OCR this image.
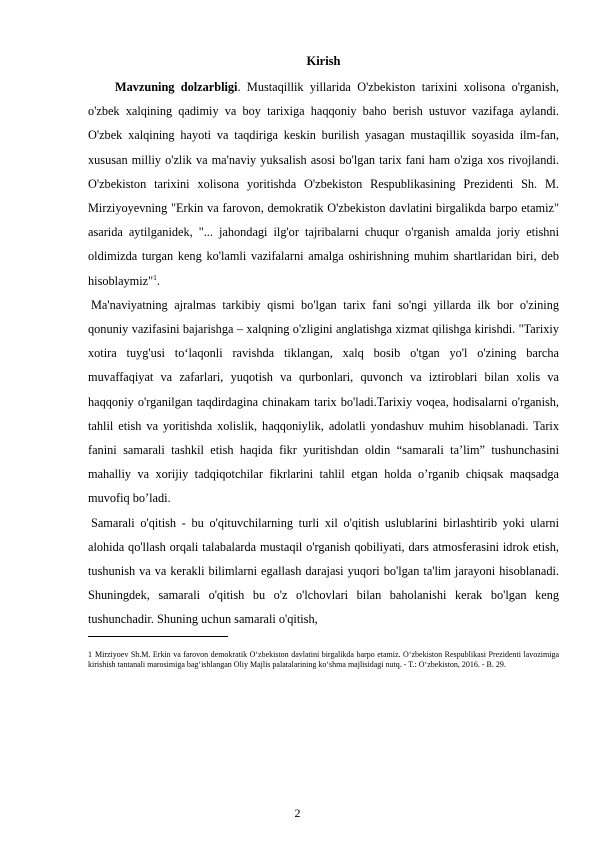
Kirish

Mavzuning dolzarbligi. Mustaqillik yillarida O'zbekiston tarixini xolisona o'rganish, o'zbek xalqining qadimiy va boy tarixiga haqqoniy baho berish ustuvor vazifaga aylandi. O'zbek xalqining hayoti va taqdiriga keskin burilish yasagan mustaqillik soyasida ilm-fan, xususan milliy o'zlik va ma'naviy yuksalish asosi bo'lgan tarix fani ham o'ziga xos rivojlandi. O'zbekiston tarixini xolisona yoritishda O'zbekiston Respublikasining Prezidenti Sh. M. Mirziyoyevning "Erkin va farovon, demokratik O'zbekiston davlatini birgalikda barpo etamiz" asarida aytilganidek, "... jahondagi ilg'or tajribalarni chuqur o'rganish amalda joriy etishni oldimizda turgan keng ko'lamli vazifalarni amalga oshirishning muhim shartlaridan biri, deb hisoblaymiz"$^1$.

Ma'naviyatning ajralmas tarkibiy qismi bo'lgan tarix fani so'ngi yillarda ilk bor o'zining qonuniy vazifasini bajarishga – xalqning o'zligini anglatishga xizmat qilishga kirishdi. "Tarixiy xotira tuyg'usi to‘laqonli ravishda tiklangan, xalq bosib o'tgan yo'l o'zining barcha muvaffaqiyat va zafarlari, yuqotish va qurbonlari, quvonch va iztiroblari bilan xolis va haqqoniy o'rganilgan taqdirdagina chinakam tarix bo'ladi.Tarixiy voqea, hodisalarni o'rganish, tahlil etish va yoritishda xolislik, haqqoniylik, adolatli yondashuv muhim hisoblanadi. Tarix fanini samarali tashkil etish haqida fikr yuritishdan oldin “samarali ta’lim” tushunchasini mahalliy va xorijiy tadqiqotchilar fikrlarini tahlil etgan holda o’rganib chiqsak maqsadga muvofiq bo’ladi.

Samarali o'qitish - bu o'qituvchilarning turli xil o'qitish uslublarini birlashtirib yoki ularni alohida qo'llash orqali talabalarda mustaqil o'rganish qobiliyati, dars atmosferasini idrok etish, tushunish va va kerakli bilimlarni egallash darajasi yuqori bo'lgan ta'lim jarayoni hisoblanadi. Shuningdek, samarali o'qitish bu o'z o'lchovlari bilan baholanishi kerak bo'lgan keng tushunchadir. Shuning uchun samarali o'qitish,

1 Mirziyoev Sh.M. Erkin va farovon demokratik O‘zbekiston davlatini birgalikda barpo etamiz. O‘zbekiston Respublikasi Prezidenti lavozimiga kirishish tantanali marosimiga bag‘ishlangan Oliy Majlis palatalarining ko‘shma majlisidagi nutq. - T.: O‘zbekiston, 2016. - B. 29.
2
